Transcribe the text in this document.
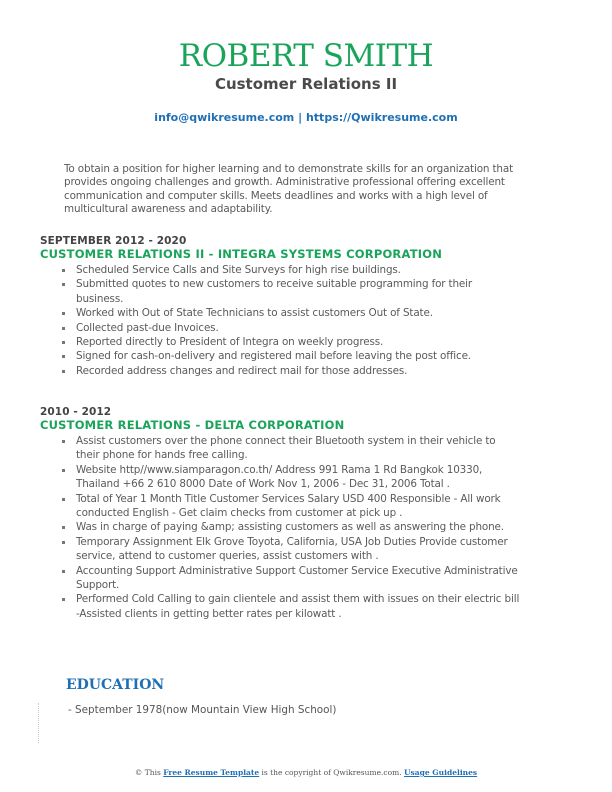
ROBERT SMITH
Customer Relations II
info@qwikresume.com | https://Qwikresume.com
To obtain a position for higher learning and to demonstrate skills for an organization that provides ongoing challenges and growth. Administrative professional offering excellent communication and computer skills. Meets deadlines and works with a high level of multicultural awareness and adaptability.
SEPTEMBER 2012 - 2020
CUSTOMER RELATIONS II - INTEGRA SYSTEMS CORPORATION
Scheduled Service Calls and Site Surveys for high rise buildings.
Submitted quotes to new customers to receive suitable programming for their business.
Worked with Out of State Technicians to assist customers Out of State.
Collected past-due Invoices.
Reported directly to President of Integra on weekly progress.
Signed for cash-on-delivery and registered mail before leaving the post office.
Recorded address changes and redirect mail for those addresses.
2010 - 2012
CUSTOMER RELATIONS - DELTA CORPORATION
Assist customers over the phone connect their Bluetooth system in their vehicle to their phone for hands free calling.
Website http//www.siamparagon.co.th/ Address 991 Rama 1 Rd Bangkok 10330, Thailand +66 2 610 8000 Date of Work Nov 1, 2006 - Dec 31, 2006 Total .
Total of Year 1 Month Title Customer Services Salary USD 400 Responsible - All work conducted English - Get claim checks from customer at pick up .
Was in charge of paying &amp; assisting customers as well as answering the phone.
Temporary Assignment Elk Grove Toyota, California, USA Job Duties Provide customer service, attend to customer queries, assist customers with .
Accounting Support Administrative Support Customer Service Executive Administrative Support.
Performed Cold Calling to gain clientele and assist them with issues on their electric bill -Assisted clients in getting better rates per kilowatt .
EDUCATION
- September 1978(now Mountain View High School)
© This Free Resume Template is the copyright of Qwikresume.com. Usage Guidelines
